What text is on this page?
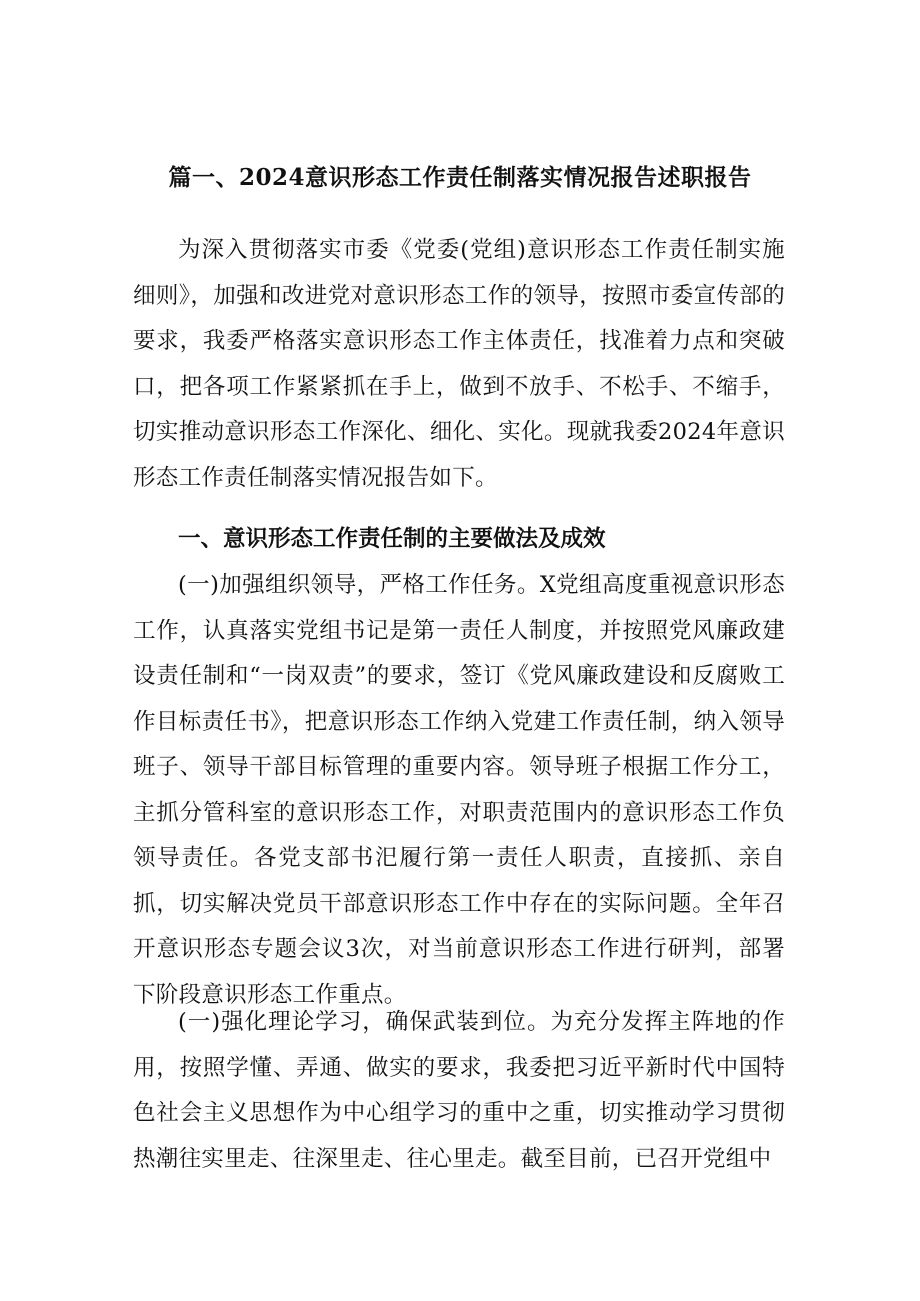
篇一、2024意识形态工作责任制落实情况报告述职报告

为深入贯彻落实市委《党委(党组)意识形态工作责任制实施细则》，加强和改进党对意识形态工作的领导，按照市委宣传部的要求，我委严格落实意识形态工作主体责任，找准着力点和突破口，把各项工作紧紧抓在手上，做到不放手、不松手、不缩手，切实推动意识形态工作深化、细化、实化。现就我委2024年意识形态工作责任制落实情况报告如下。

一、意识形态工作责任制的主要做法及成效

(一)加强组织领导，严格工作任务。X党组高度重视意识形态工作，认真落实党组书记是第一责任人制度，并按照党风廉政建设责任制和“一岗双责”的要求，签订《党风廉政建设和反腐败工作目标责任书》，把意识形态工作纳入党建工作责任制，纳入领导班子、领导干部目标管理的重要内容。领导班子根据工作分工，主抓分管科室的意识形态工作，对职责范围内的意识形态工作负领导责任。各党支部书汜履行第一责任人职责，直接抓、亲自抓，切实解决党员干部意识形态工作中存在的实际问题。全年召开意识形态专题会议3次，对当前意识形态工作进行研判，部署下阶段意识形态工作重点。

(一)强化理论学习，确保武装到位。为充分发挥主阵地的作用，按照学懂、弄通、做实的要求，我委把习近平新时代中国特色社会主义思想作为中心组学习的重中之重，切实推动学习贯彻热潮往实里走、往深里走、往心里走。截至目前，已召开党组中
